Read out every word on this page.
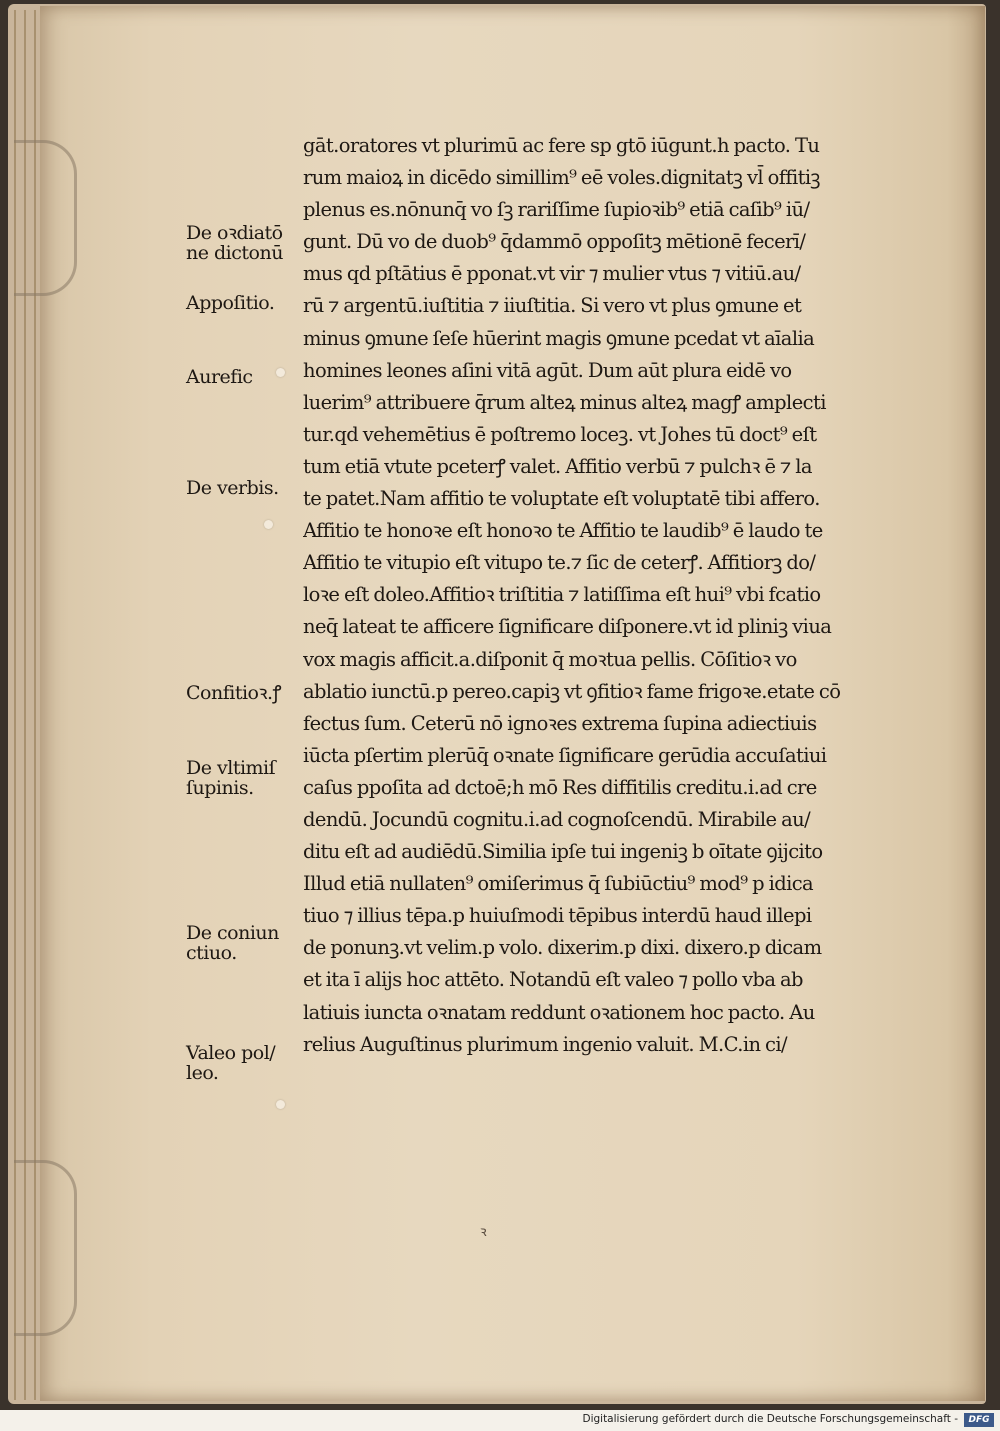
gāt.oratores vt plurimū ac fere sp gtō iūgunt.h pacto. Tu
rum maioꝝ in dicēdo simillim⁹ eē voles.dignitatꝫ vl̄ offitiꝫ
plenus es.nōnunq̄ vo ſꝫ rariſſime ſupioꝛib⁹ etiā caſib⁹ iū/
gunt. Dū vo de duob⁹ q̄dammō oppoſitꝫ mētionē fecerī/
mus qd pſtātius ē pponat.vt vir ⁊ mulier vtus ⁊ vitiū.au/
rū ⁊ argentū.iuſtitia ⁊ iiuſtitia. Si vero vt plus ꝯmune et
minus ꝯmune ſeſe hūerint magis ꝯmune pcedat vt aīalia
homines leones aſini vitā agūt. Dum aūt plura eidē vo
luerim⁹ attribuere q̄rum alteꝝ minus alteꝝ magꝭ amplecti
tur.qd vehemētius ē poſtremo loceꝫ. vt Johes tū doct⁹ eſt
tum etiā vtute pceterꝭ valet. Affitio verbū ⁊ pulchꝛ ē ⁊ la
te patet.Nam affitio te voluptate eſt voluptatē tibi affero.
Affitio te honoꝛe eſt honoꝛo te Affitio te laudib⁹ ē laudo te
Affitio te vitupio eſt vitupo te.⁊ ſic de ceterꝭ. Affitiorꝫ do/
loꝛe eſt doleo.Affitioꝛ triſtitia ⁊ latiſſima eſt hui⁹ vbi fcatio
neq̄ lateat te afficere ſignificare diſponere.vt id pliniꝫ viua
vox magis afficit.a.diſponit q̄ moꝛtua pellis. Cōſitioꝛ vo
ablatio iunctū.p pereo.capiꝫ vt ꝯfitioꝛ fame frigoꝛe.etate cō
fectus ſum. Ceterū nō ignoꝛes extrema ſupina adiectiuis
iūcta pſertim plerūq̄ oꝛnate ſignificare gerūdia accuſatiui
caſus ppoſita ad dctoē;h mō Res diffitilis creditu.i.ad cre
dendū. Jocundū cognitu.i.ad cognoſcendū. Mirabile au/
ditu eſt ad audiēdū.Similia ipſe tui ingeniꝫ b oītate ꝯijcito
Illud etiā nullaten⁹ omiſerimus q̄ ſubiūctiu⁹ mod⁹ p idica
tiuo ⁊ illius tēpa.p huiuſmodi tēpibus interdū haud illepi
de ponunꝫ.vt velim.p volo. dixerim.p dixi. dixero.p dicam
et ita ī alijs hoc attēto. Notandū eſt valeo ⁊ pollo vba ab
latiuis iuncta oꝛnatam reddunt oꝛationem hoc pacto. Au
relius Auguſtinus plurimum ingenio valuit. M.C.in ci/
De oꝛdiatō
ne dictonū
Appoſitio.
Aurefic
De verbis.
Confitioꝛ.ꝭ
De vltimiſ
ſupinis.
De coniun
ctiuo.
Valeo pol/
leo.
ꝛ
Digitalisierung gefördert durch die Deutsche Forschungsgemeinschaft -	DFG
